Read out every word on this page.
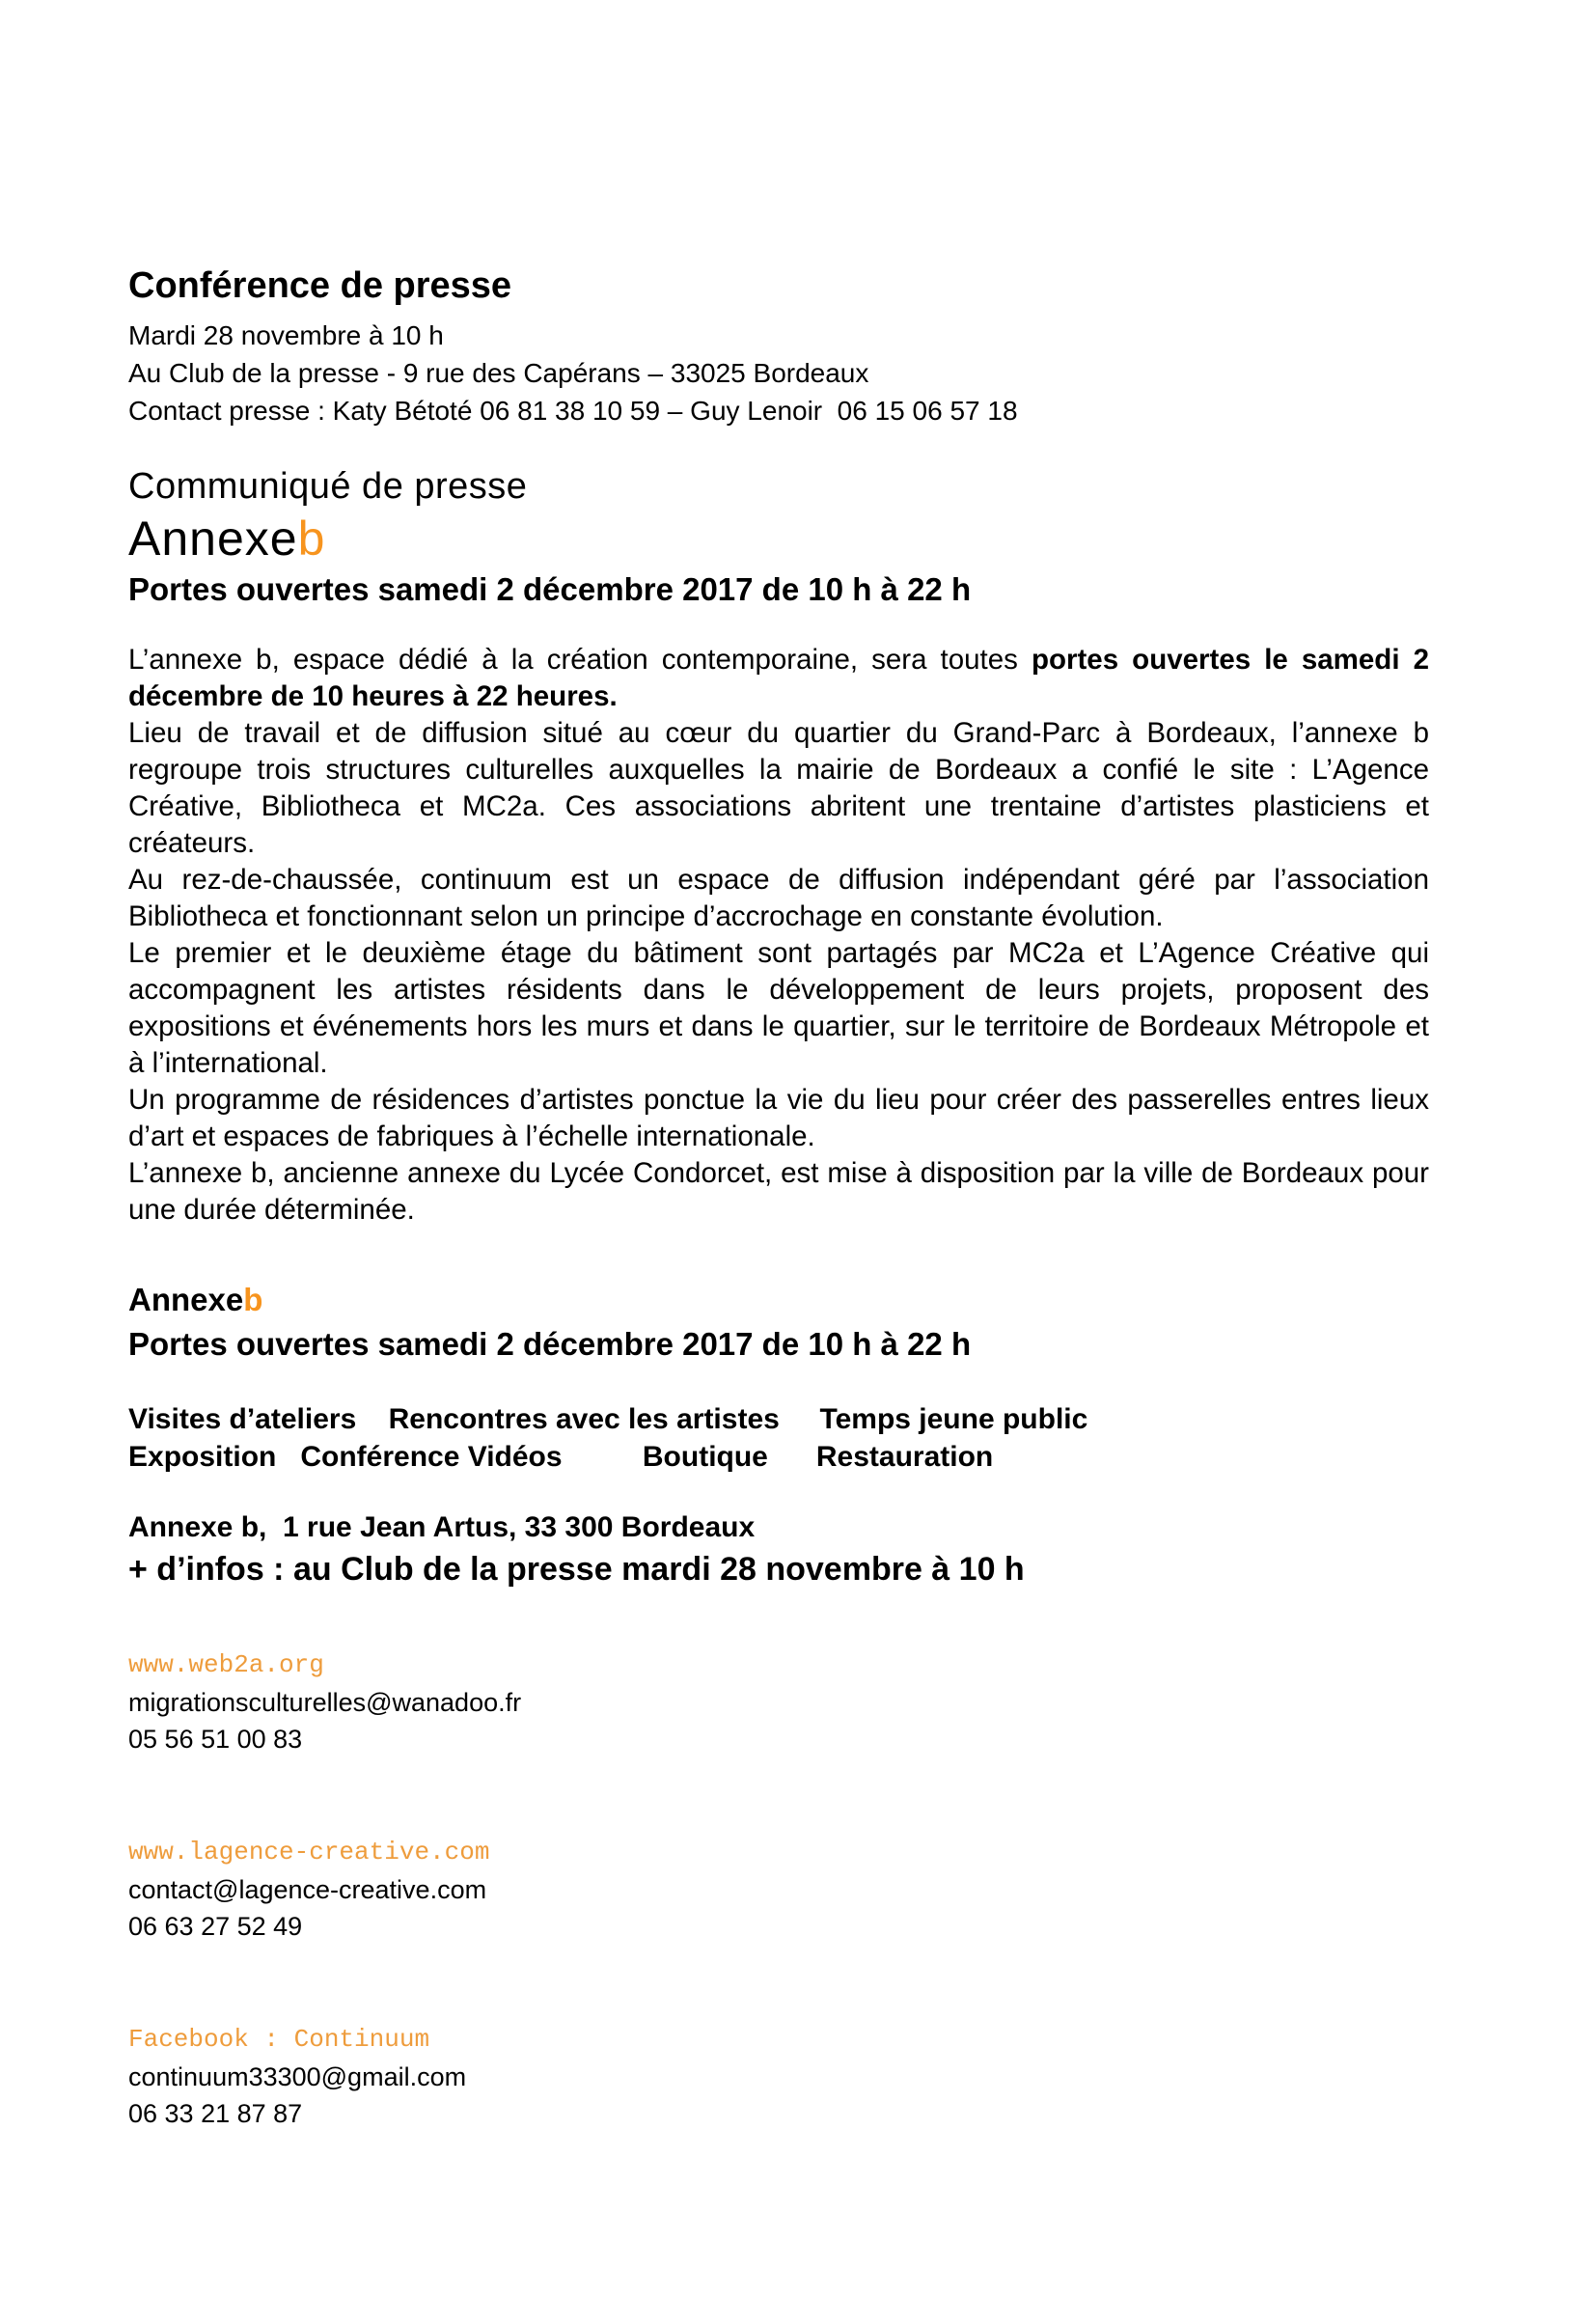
Conférence de presse
Mardi 28 novembre à 10 h
Au Club de la presse - 9 rue des Capérans – 33025 Bordeaux
Contact presse : Katy Bétoté 06 81 38 10 59 – Guy Lenoir  06 15 06 57 18
Communiqué de presse
Annexeb
Portes ouvertes samedi 2 décembre 2017 de 10 h à 22 h

L’annexe b, espace dédié à la création contemporaine, sera toutes portes ouvertes le samedi 2 décembre de 10 heures à 22 heures.

Lieu de travail et de diffusion situé au cœur du quartier du Grand-Parc à Bordeaux, l’annexe b regroupe trois structures culturelles auxquelles la mairie de Bordeaux a confié le site : L’Agence Créative, Bibliotheca et MC2a. Ces associations abritent une trentaine d’artistes plasticiens et créateurs.

Au rez-de-chaussée, continuum est un espace de diffusion indépendant géré par l’association Bibliotheca et fonctionnant selon un principe d’accrochage en constante évolution.

Le premier et le deuxième étage du bâtiment sont partagés par MC2a et L’Agence Créative qui accompagnent les artistes résidents dans le développement de leurs projets, proposent des expositions et événements hors les murs et dans le quartier, sur le territoire de Bordeaux Métropole et à l’international.

Un programme de résidences d’artistes ponctue la vie du lieu pour créer des passerelles entres lieux d’art et espaces de fabriques à l’échelle internationale.

L’annexe b, ancienne annexe du Lycée Condorcet, est mise à disposition par la ville de Bordeaux pour une durée déterminée.

Annexeb
Portes ouvertes samedi 2 décembre 2017 de 10 h à 22 h
Visites d’ateliers    Rencontres avec les artistes     Temps jeune public
Exposition   Conférence Vidéos          Boutique      Restauration
Annexe b,  1 rue Jean Artus, 33 300 Bordeaux
+ d’infos : au Club de la presse mardi 28 novembre à 10 h
www.web2a.org
migrationsculturelles@wanadoo.fr
05 56 51 00 83
www.lagence-creative.com
contact@lagence-creative.com
06 63 27 52 49
Facebook : Continuum
continuum33300@gmail.com
06 33 21 87 87
